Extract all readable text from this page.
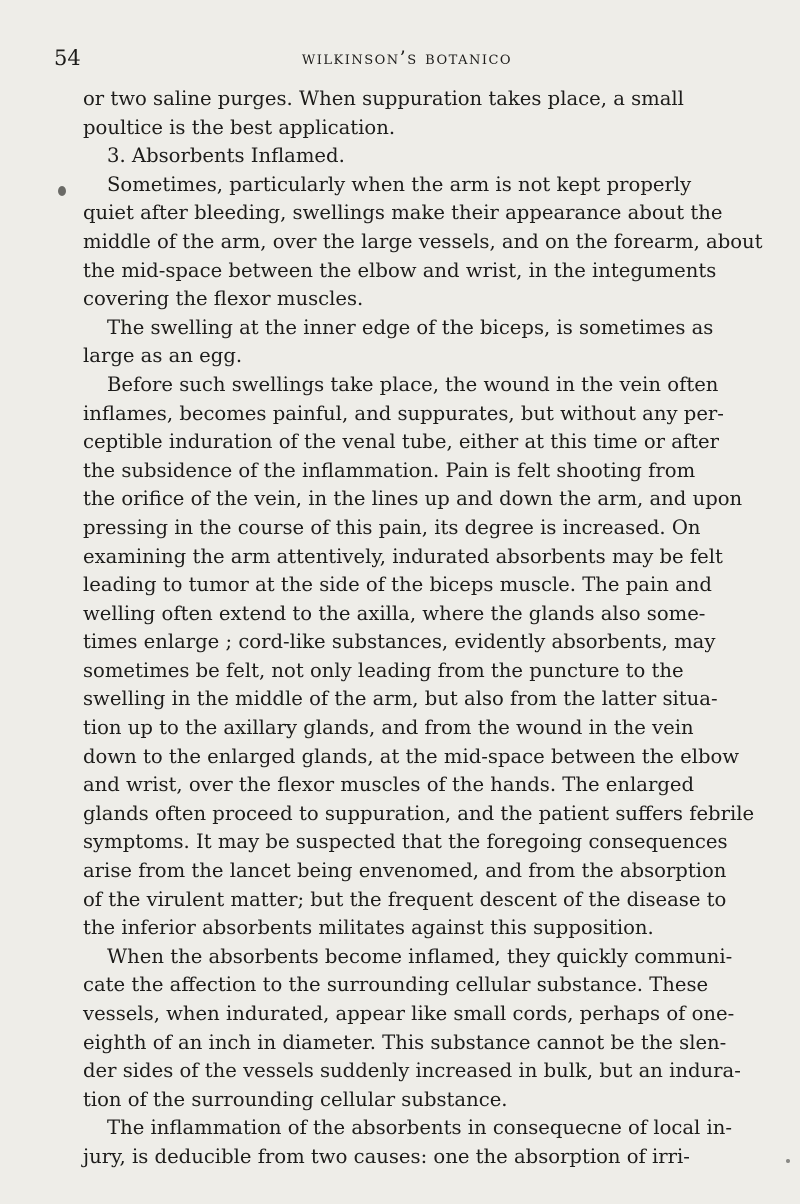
54	wilkinson’s botanico
or two saline purges. When suppuration takes place, a small
poultice is the best application.
3. Absorbents Inflamed.
Sometimes, particularly when the arm is not kept properly
quiet after bleeding, swellings make their appearance about the
middle of the arm, over the large vessels, and on the forearm, about
the mid-space between the elbow and wrist, in the integuments
covering the flexor muscles.
The swelling at the inner edge of the biceps, is sometimes as
large as an egg.
Before such swellings take place, the wound in the vein often
inflames, becomes painful, and suppurates, but without any per-
ceptible induration of the venal tube, either at this time or after
the subsidence of the inflammation. Pain is felt shooting from
the orifice of the vein, in the lines up and down the arm, and upon
pressing in the course of this pain, its degree is increased. On
examining the arm attentively, indurated absorbents may be felt
leading to tumor at the side of the biceps muscle. The pain and
welling often extend to the axilla, where the glands also some-
times enlarge ; cord-like substances, evidently absorbents, may
sometimes be felt, not only leading from the puncture to the
swelling in the middle of the arm, but also from the latter situa-
tion up to the axillary glands, and from the wound in the vein
down to the enlarged glands, at the mid-space between the elbow
and wrist, over the flexor muscles of the hands. The enlarged
glands often proceed to suppuration, and the patient suffers febrile
symptoms. It may be suspected that the foregoing consequences
arise from the lancet being envenomed, and from the absorption
of the virulent matter; but the frequent descent of the disease to
the inferior absorbents militates against this supposition.
When the absorbents become inflamed, they quickly communi-
cate the affection to the surrounding cellular substance. These
vessels, when indurated, appear like small cords, perhaps of one-
eighth of an inch in diameter. This substance cannot be the slen-
der sides of the vessels suddenly increased in bulk, but an indura-
tion of the surrounding cellular substance.
The inflammation of the absorbents in consequecne of local in-
jury, is deducible from two causes: one the absorption of irri-
